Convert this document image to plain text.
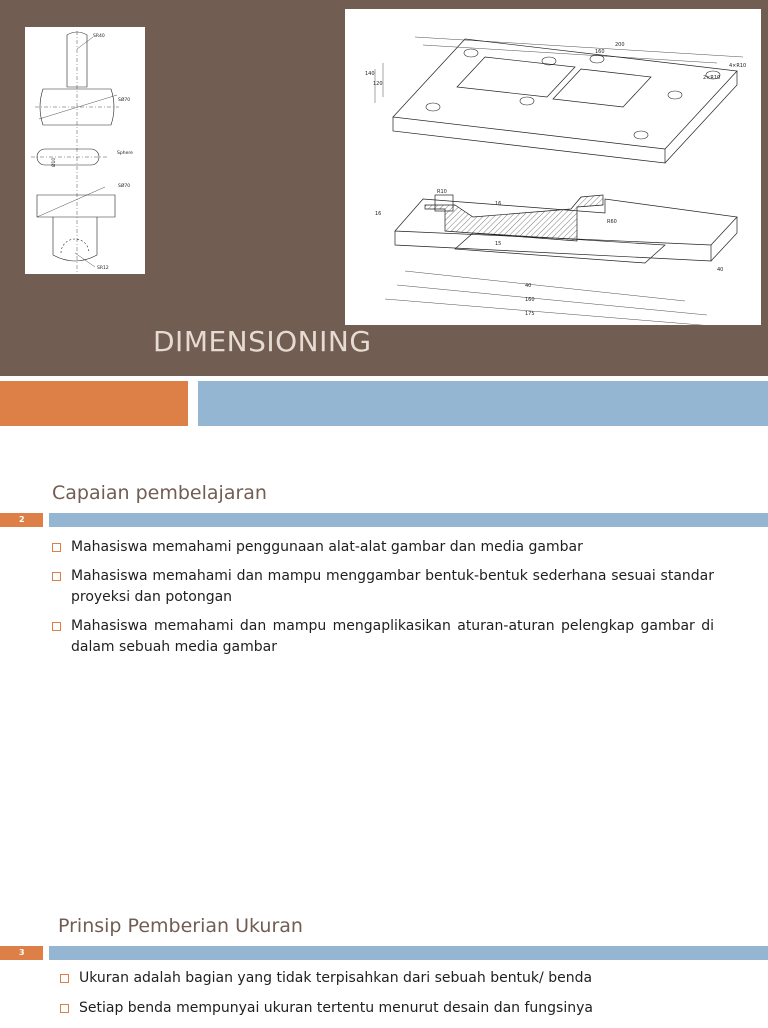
SR40
SØ70
Sphere
Ø10
SØ70
SR12
200
160
140
120
2×R10
4×R10
R10
16
16
15
40
40
160
175
R60
DIMENSIONING
Capaian pembelajaran
2
Mahasiswa memahami penggunaan alat-alat gambar dan media gambar
Mahasiswa memahami dan mampu menggambar bentuk-bentuk sederhana sesuai standar proyeksi dan potongan
Mahasiswa memahami dan mampu mengaplikasikan aturan-aturan pelengkap gambar di dalam sebuah media gambar
Prinsip Pemberian Ukuran
3
Ukuran adalah bagian yang tidak terpisahkan dari sebuah bentuk/ benda
Setiap benda mempunyai ukuran tertentu menurut desain dan fungsinya
